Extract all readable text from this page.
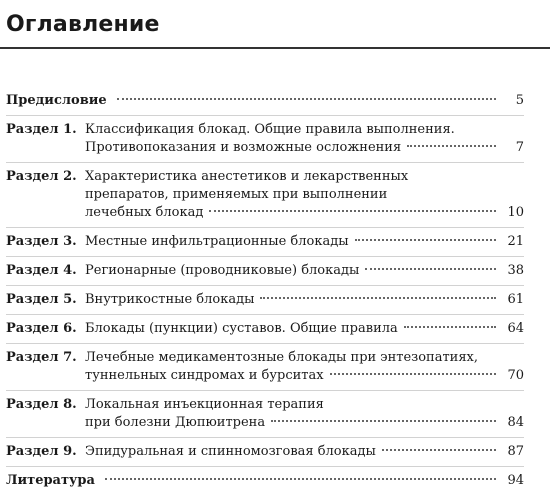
Оглавление
Предисловие	5
Раздел 1. Классификация блокад. Общие правила выполнения.
Противопоказания и возможные осложнения	7
Раздел 2. Характеристика анестетиков и лекарственных
препаратов, применяемых при выполнении
лечебных блокад	10
Раздел 3. Местные инфильтрационные блокады	21
Раздел 4. Регионарные (проводниковые) блокады	38
Раздел 5. Внутрикостные блокады	61
Раздел 6. Блокады (пункции) суставов. Общие правила	64
Раздел 7. Лечебные медикаментозные блокады при энтезопатиях,
туннельных синдромах и бурситах	70
Раздел 8. Локальная инъекционная терапия
при болезни Дюпюитрена	84
Раздел 9. Эпидуральная и спинномозговая блокады	87
Литература	94
